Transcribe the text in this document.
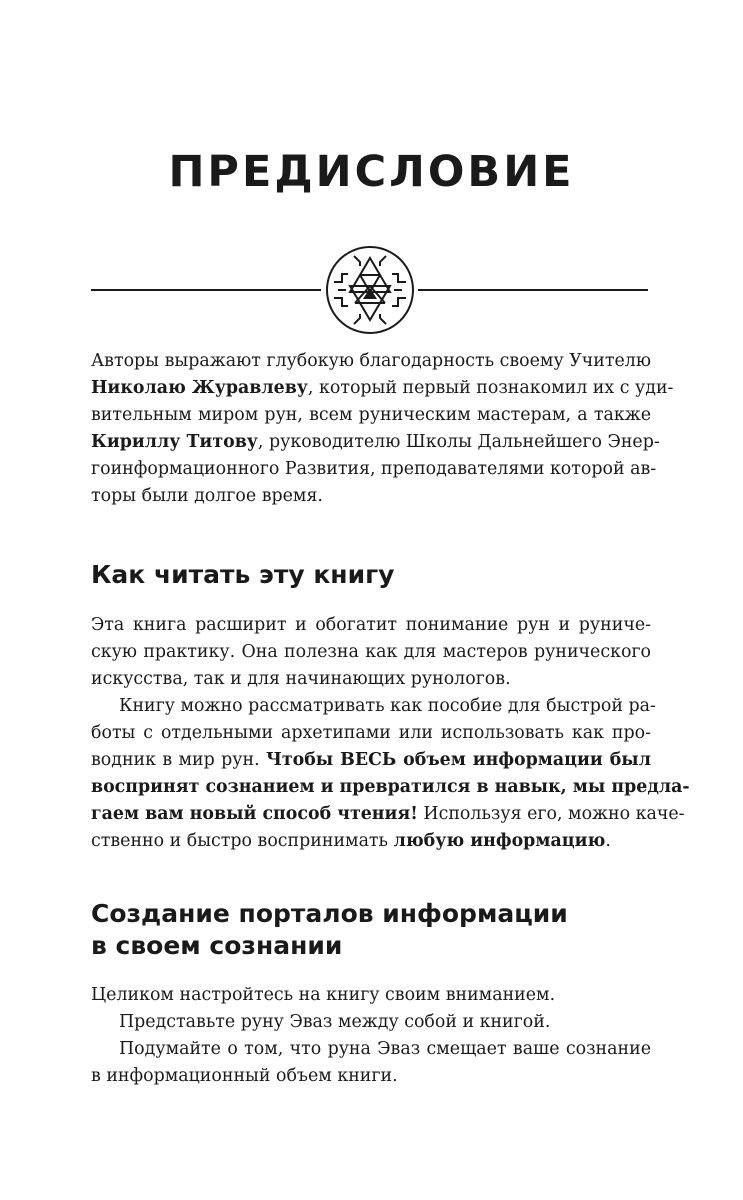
ПРЕДИСЛОВИЕ

Авторы выражают глубокую благодарность своему Учителю
Николаю Журавлеву, который первый познакомил их с уди-
вительным миром рун, всем руническим мастерам, а также
Кириллу Титову, руководителю Школы Дальнейшего Энер-
гоинформационного Развития, преподавателями которой ав-
торы были долгое время.

Как читать эту книгу

Эта книга расширит и обогатит понимание рун и руниче-
скую практику. Она полезна как для мастеров рунического
искусства, так и для начинающих рунологов.
Книгу можно рассматривать как пособие для быстрой ра-
боты с отдельными архетипами или использовать как про-
водник в мир рун. Чтобы ВЕСЬ объем информации был
воспринят сознанием и превратился в навык, мы предла-
гаем вам новый способ чтения! Используя его, можно каче-
ственно и быстро воспринимать любую информацию.

Создание порталов информации
в своем сознании

Целиком настройтесь на книгу своим вниманием.
Представьте руну Эваз между собой и книгой.
Подумайте о том, что руна Эваз смещает ваше сознание
в информационный объем книги.
